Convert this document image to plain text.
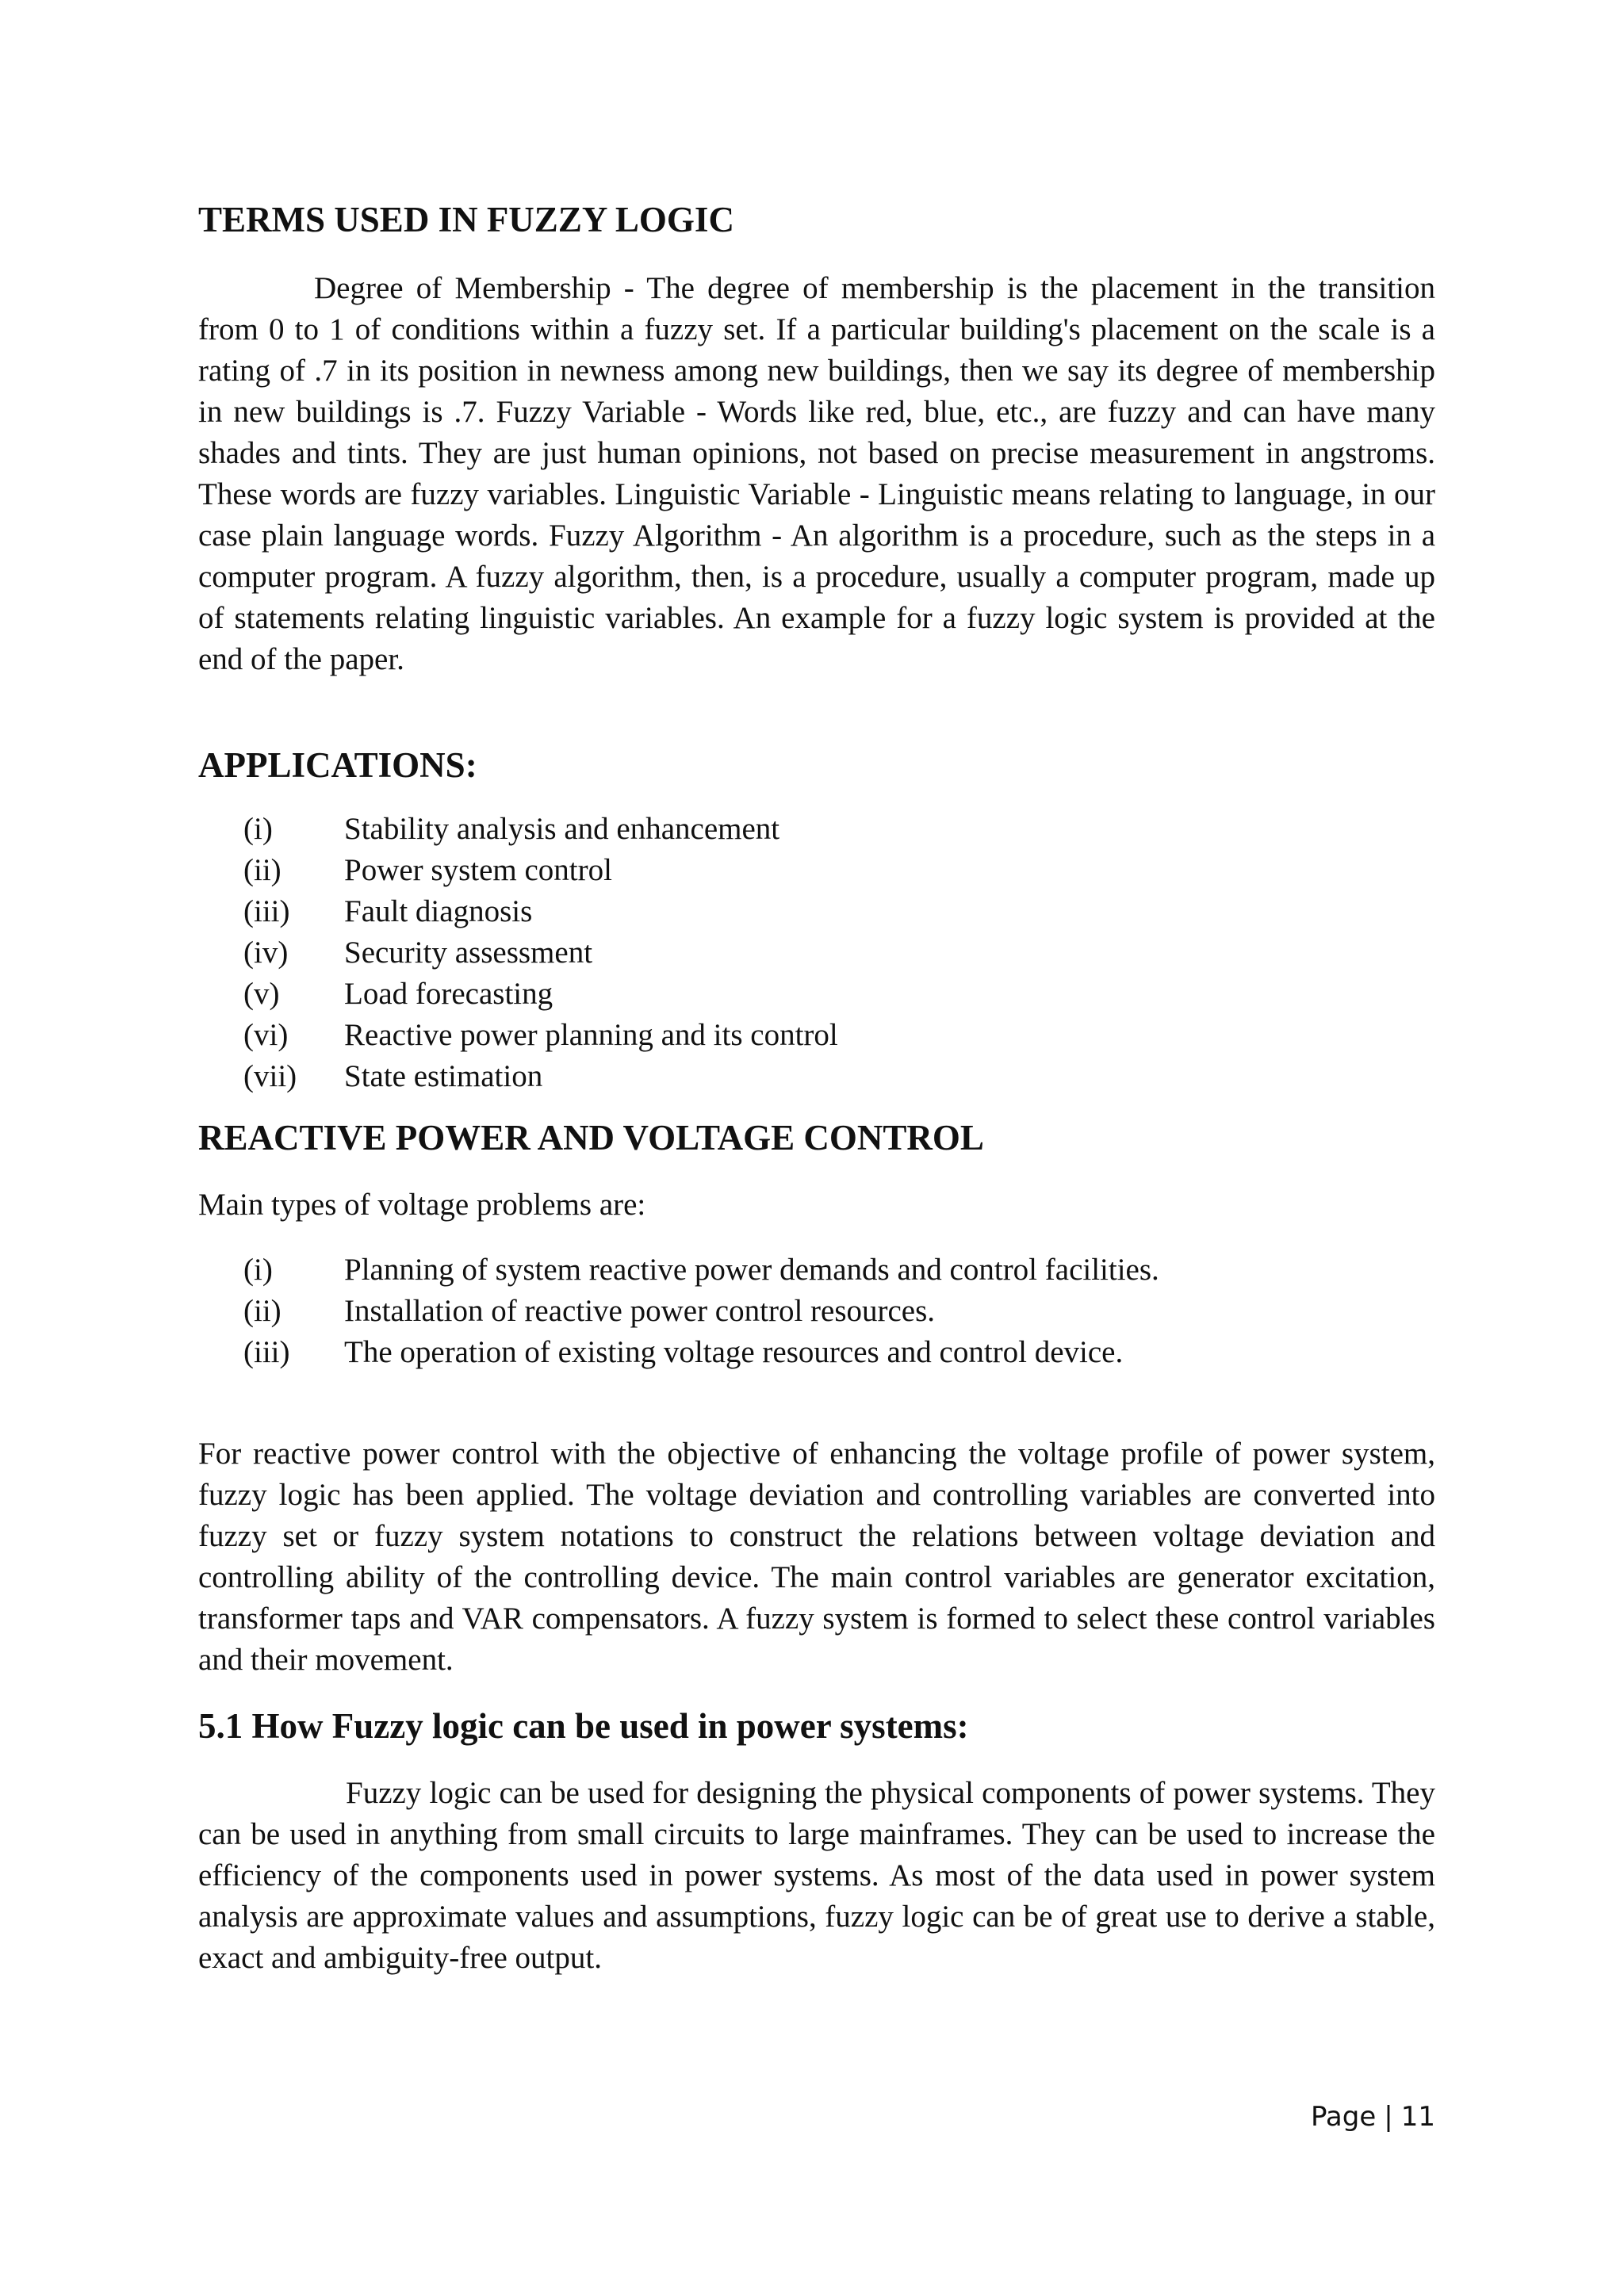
TERMS USED IN FUZZY LOGIC

Degree of Membership - The degree of membership is the placement in the transition from 0 to 1 of conditions within a fuzzy set. If a particular building's placement on the scale is a rating of .7 in its position in newness among new buildings, then we say its degree of membership in new buildings is .7. Fuzzy Variable - Words like red, blue, etc., are fuzzy and can have many shades and tints. They are just human opinions, not based on precise measurement in angstroms. These words are fuzzy variables. Linguistic Variable - Linguistic means relating to language, in our case plain language words. Fuzzy Algorithm - An algorithm is a procedure, such as the steps in a computer program. A fuzzy algorithm, then, is a procedure, usually a computer program, made up of statements relating linguistic variables. An example for a fuzzy logic system is provided at the end of the paper.

APPLICATIONS:
(i)	Stability analysis and enhancement
(ii)	Power system control
(iii)	Fault diagnosis
(iv)	Security assessment
(v)	Load forecasting
(vi)	Reactive power planning and its control
(vii)	State estimation
REACTIVE POWER AND VOLTAGE CONTROL

Main types of voltage problems are:

(i)	Planning of system reactive power demands and control facilities.
(ii)	Installation of reactive power control resources.
(iii)	The operation of existing voltage resources and control device.

For reactive power control with the objective of enhancing the voltage profile of power system, fuzzy logic has been applied. The voltage deviation and controlling variables are converted into fuzzy set or fuzzy system notations to construct the relations between voltage deviation and controlling ability of the controlling device. The main control variables are generator excitation, transformer taps and VAR compensators. A fuzzy system is formed to select these control variables and their movement.

5.1 How Fuzzy logic can be used in power systems:

Fuzzy logic can be used for designing the physical components of power systems. They can be used in anything from small circuits to large mainframes. They can be used to increase the efficiency of the components used in power systems. As most of the data used in power system analysis are approximate values and assumptions, fuzzy logic can be of great use to derive a stable, exact and ambiguity-free output.

Page | 11
